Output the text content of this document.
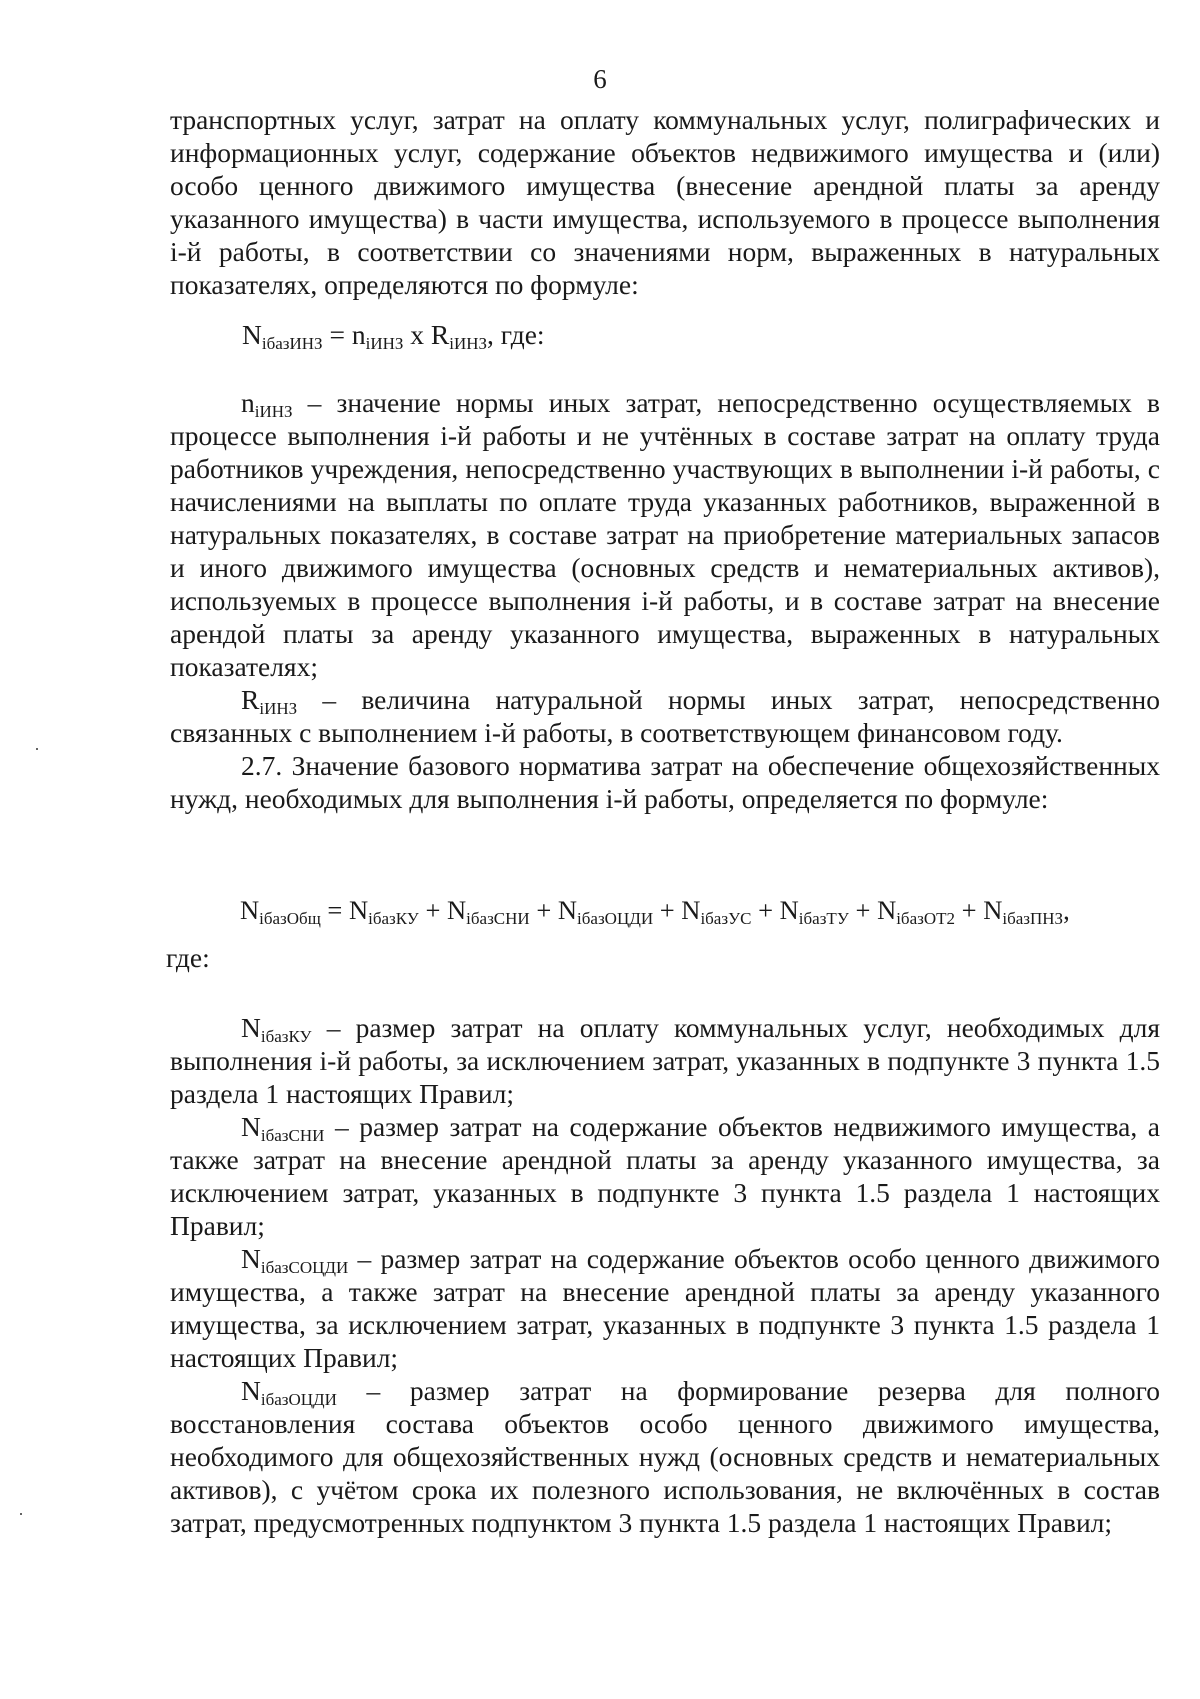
6

транспортных услуг, затрат на оплату коммунальных услуг, полиграфических и информационных услуг, содержание объектов недвижимого имущества и (или) особо ценного движимого имущества (внесение арендной платы за аренду указанного имущества) в части имущества, используемого в процессе выполнения і-й работы, в соответствии со значениями норм, выраженных в натуральных показателях, определяются по формуле:

$N_{iбазИНЗ} = n_{iИНЗ}$ x $R_{iИНЗ}$, где:

$n_{iИНЗ}$ – значение нормы иных затрат, непосредственно осуществляемых в процессе выполнения і-й работы и не учтённых в составе затрат на оплату труда работников учреждения, непосредственно участвующих в выполнении і-й работы, с начислениями на выплаты по оплате труда указанных работников, выраженной в натуральных показателях, в составе затрат на приобретение материальных запасов и иного движимого имущества (основных средств и нематериальных активов), используемых в процессе выполнения і-й работы, и в составе затрат на внесение арендой платы за аренду указанного имущества, выраженных в натуральных показателях;

$R_{iИНЗ}$ – величина натуральной нормы иных затрат, непосредственно связанных с выполнением і-й работы, в соответствующем финансовом году.

2.7. Значение базового норматива затрат на обеспечение общехозяйственных нужд, необходимых для выполнения і-й работы, определяется по формуле:

$N_{iбазОбщ} = N_{iбазКУ} + N_{iбазСНИ} + N_{iбазОЦДИ} + N_{iбазУС} + N_{iбазТУ} + N_{iбазОТ2} + N_{iбазПНЗ}$,
где:

$N_{iбазКУ}$ – размер затрат на оплату коммунальных услуг, необходимых для выполнения і-й работы, за исключением затрат, указанных в подпункте 3 пункта 1.5 раздела 1 настоящих Правил;

$N_{iбазСНИ}$ – размер затрат на содержание объектов недвижимого имущества, а также затрат на внесение арендной платы за аренду указанного имущества, за исключением затрат, указанных в подпункте 3 пункта 1.5 раздела 1 настоящих Правил;

$N_{iбазСОЦДИ}$ – размер затрат на содержание объектов особо ценного движимого имущества, а также затрат на внесение арендной платы за аренду указанного имущества, за исключением затрат, указанных в подпункте 3 пункта 1.5 раздела 1 настоящих Правил;

$N_{iбазОЦДИ}$ – размер затрат на формирование резерва для полного восстановления состава объектов особо ценного движимого имущества, необходимого для общехозяйственных нужд (основных средств и нематериальных активов), с учётом срока их полезного использования, не включённых в состав затрат, предусмотренных подпунктом 3 пункта 1.5 раздела 1 настоящих Правил;
